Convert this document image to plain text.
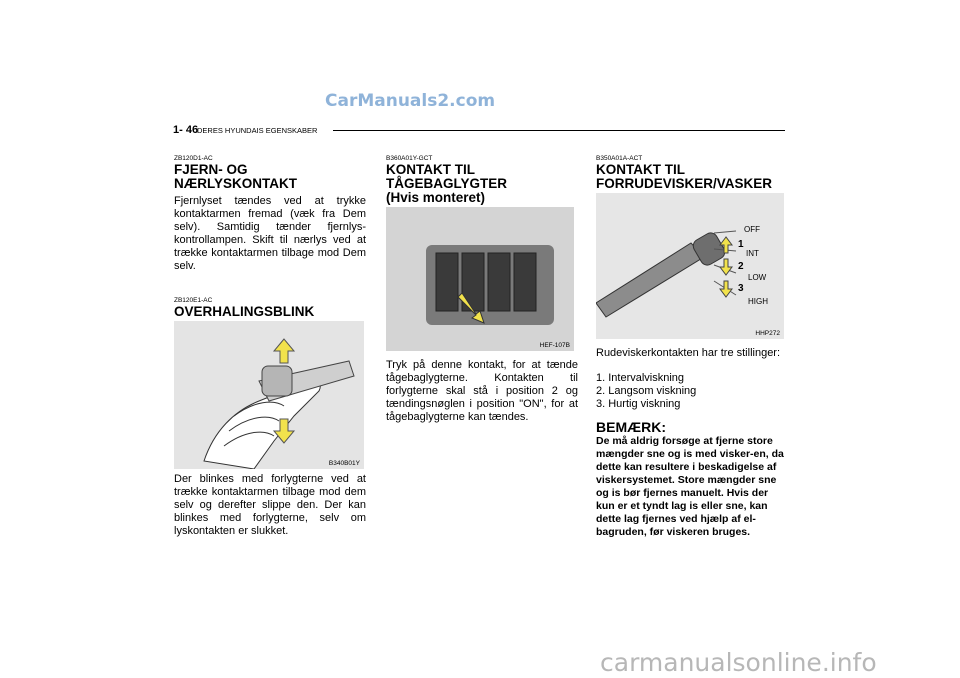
CarManuals2.com
1- 46
DERES HYUNDAIS EGENSKABER

ZB120D1-AC

FJERN- OG NÆRLYSKONTAKT

Fjernlyset tændes ved at trykke kontaktarmen fremad (væk fra Dem selv). Samtidig tænder fjernlys-kontrollampen. Skift til nærlys ved at trække kontaktarmen tilbage mod Dem selv.

ZB120E1-AC

OVERHALINGSBLINK

B340B01Y

Der blinkes med forlygterne ved at trække kontaktarmen tilbage mod dem selv og derefter slippe den. Der kan blinkes med forlygterne, selv om lyskontakten er slukket.

B360A01Y-GCT

KONTAKT TIL

TÅGEBAGLYGTER

(Hvis monteret)

HEF-107B

Tryk på denne kontakt, for at tænde tågebaglygterne. Kontakten til forlygterne skal stå i position 2 og tændingsnøglen i position "ON", for at tågebaglygterne kan tændes.

B350A01A-ACT

KONTAKT TIL

FORRUDEVISKER/VASKER

OFF
1
INT
2
LOW
3
HIGH
HHP272

Rudeviskerkontakten har tre stillinger:

1. Intervalviskning
2. Langsom viskning
3. Hurtig viskning

BEMÆRK:

De må aldrig forsøge at fjerne store mængder sne og is med visker-en, da dette kan resultere i beskadigelse af viskersystemet. Store mængder sne og is bør fjernes manuelt. Hvis der kun er et tyndt lag is eller sne, kan dette lag fjernes ved hjælp af el-bagruden, før viskeren bruges.

carmanualsonline.info
